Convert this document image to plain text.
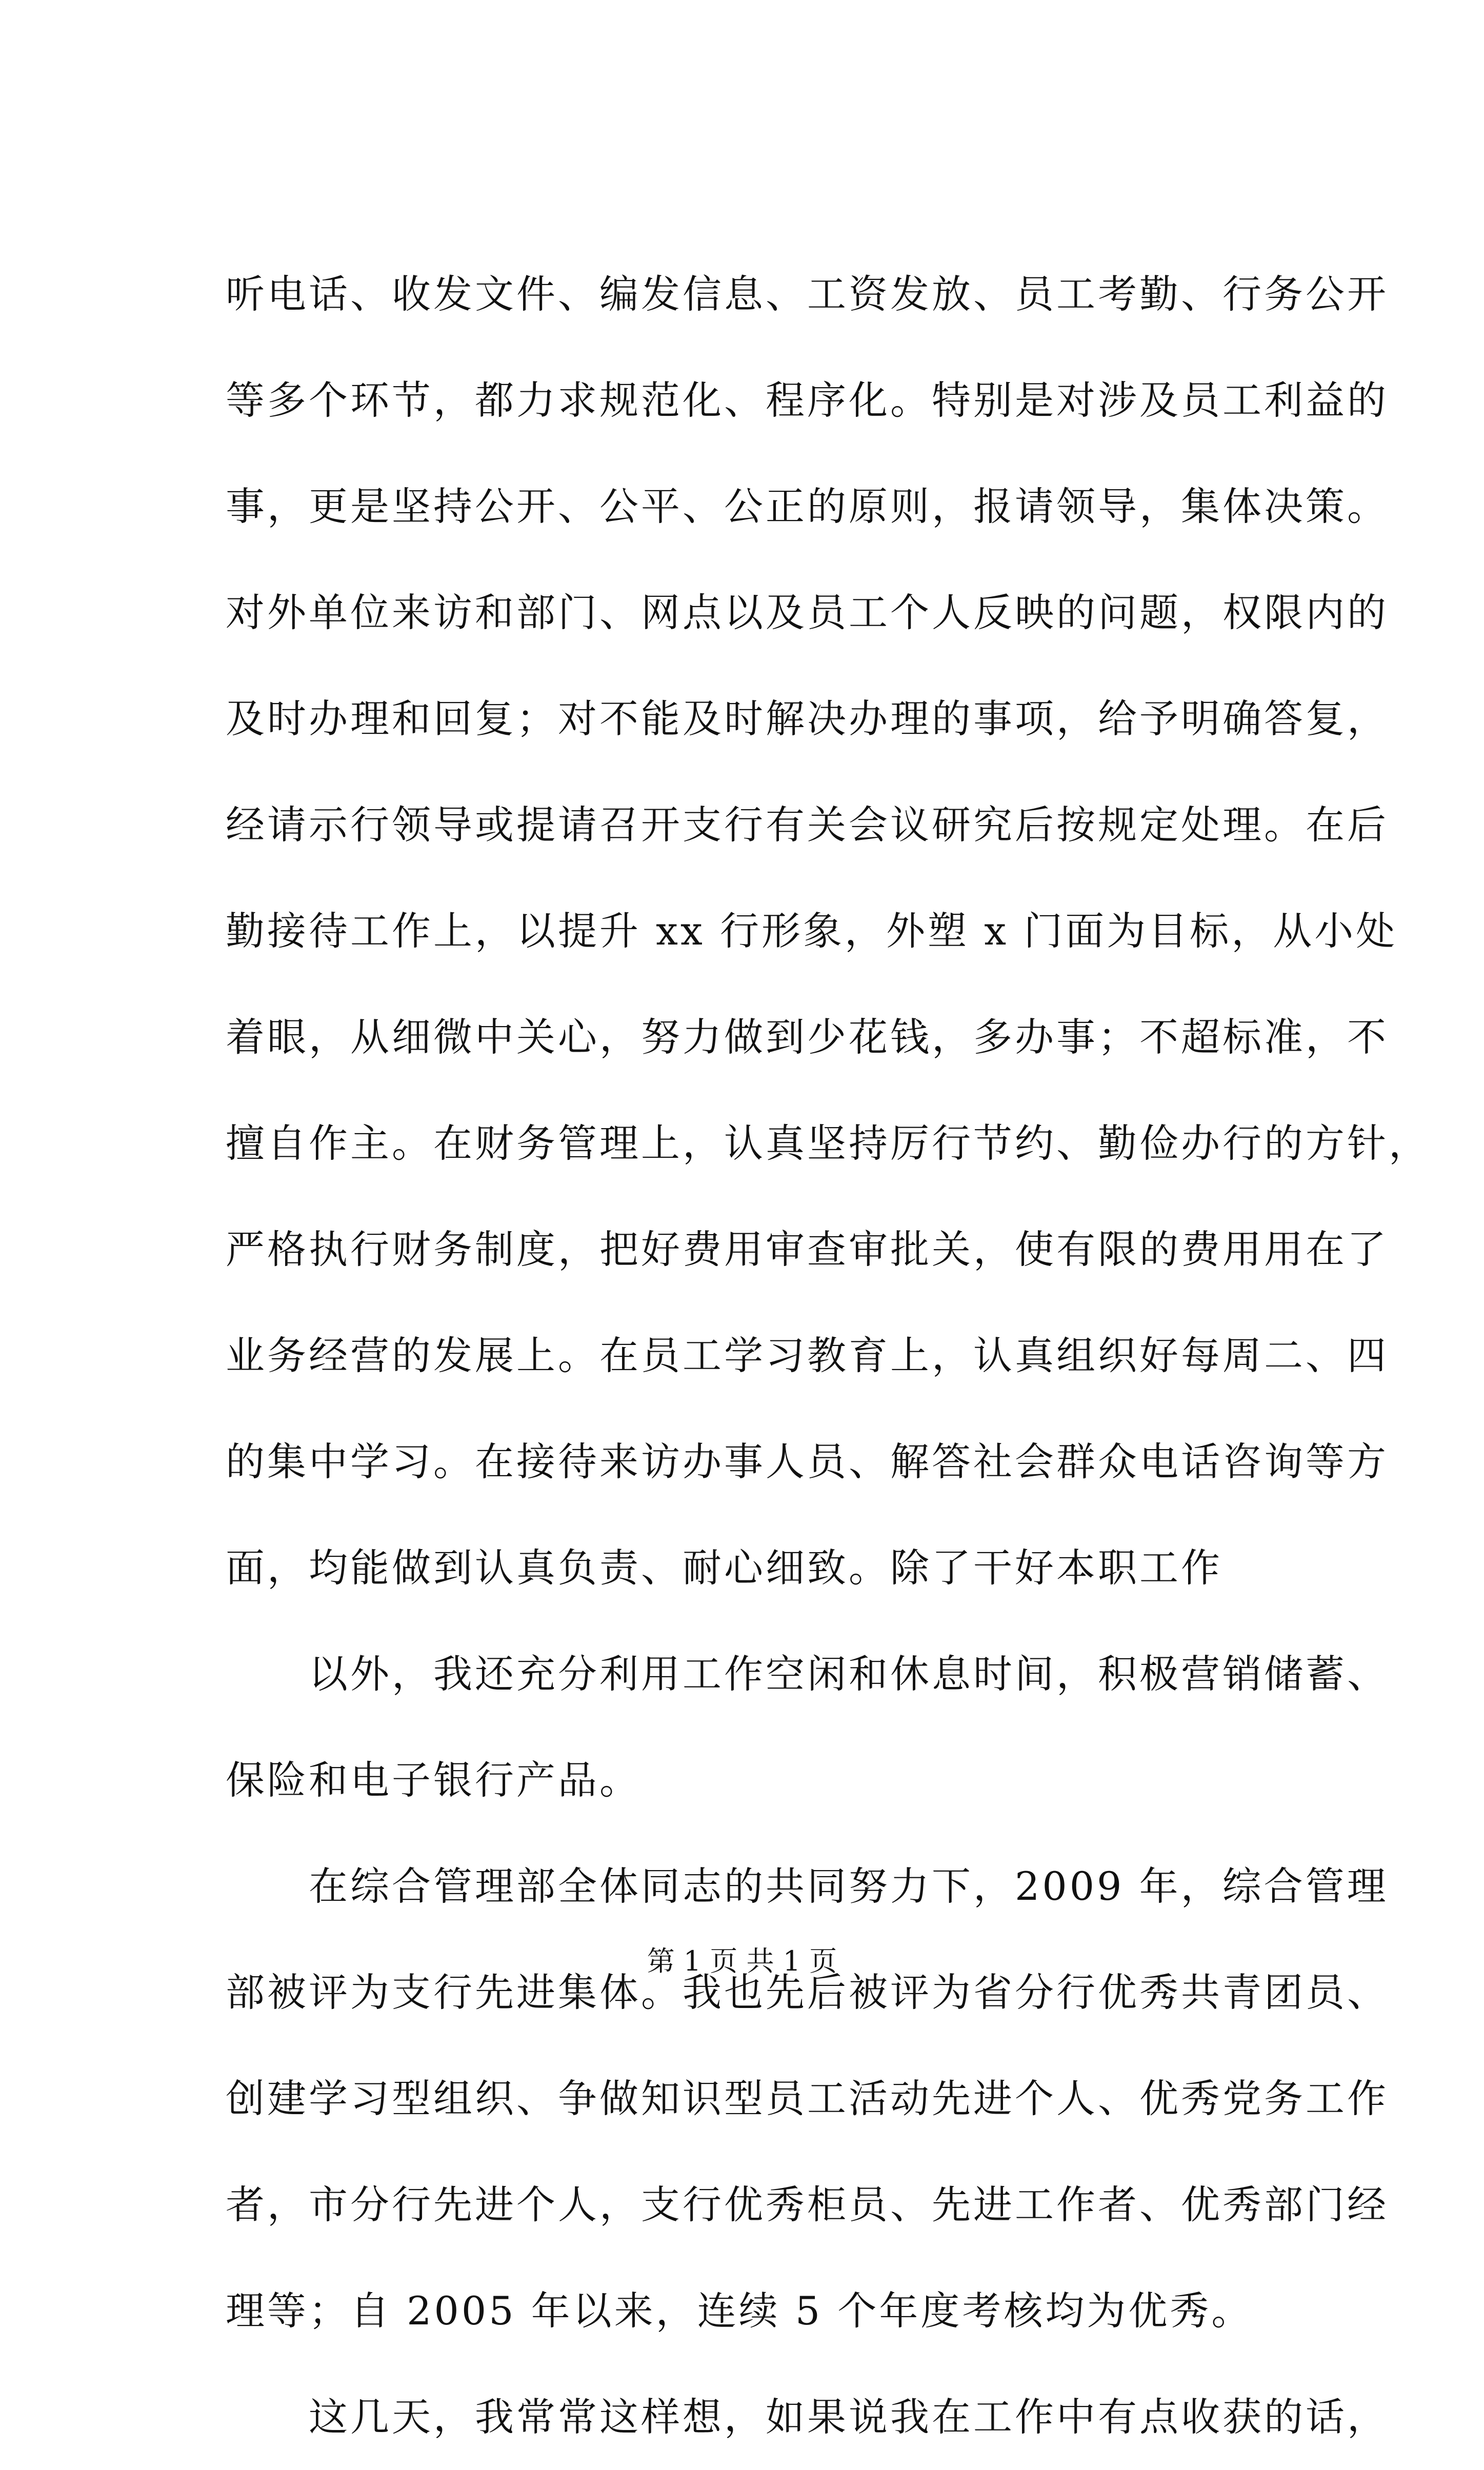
听电话、收发文件、编发信息、工资发放、员工考勤、行务公开
等多个环节，都力求规范化、程序化。特别是对涉及员工利益的
事，更是坚持公开、公平、公正的原则，报请领导，集体决策。
对外单位来访和部门、网点以及员工个人反映的问题，权限内的
及时办理和回复；对不能及时解决办理的事项，给予明确答复，
经请示行领导或提请召开支行有关会议研究后按规定处理。在后
勤接待工作上，以提升 xx 行形象，外塑 x 门面为目标，从小处
着眼，从细微中关心，努力做到少花钱，多办事；不超标准，不
擅自作主。在财务管理上，认真坚持厉行节约、勤俭办行的方针，
严格执行财务制度，把好费用审查审批关，使有限的费用用在了
业务经营的发展上。在员工学习教育上，认真组织好每周二、四
的集中学习。在接待来访办事人员、解答社会群众电话咨询等方
面，均能做到认真负责、耐心细致。除了干好本职工作
　　以外，我还充分利用工作空闲和休息时间，积极营销储蓄、
保险和电子银行产品。
　　在综合管理部全体同志的共同努力下，2009 年，综合管理
部被评为支行先进集体。我也先后被评为省分行优秀共青团员、
创建学习型组织、争做知识型员工活动先进个人、优秀党务工作
者，市分行先进个人，支行优秀柜员、先进工作者、优秀部门经
理等；自 2005 年以来，连续 5 个年度考核均为优秀。
　　这几天，我常常这样想，如果说我在工作中有点收获的话，
第 1 页 共 1 页
